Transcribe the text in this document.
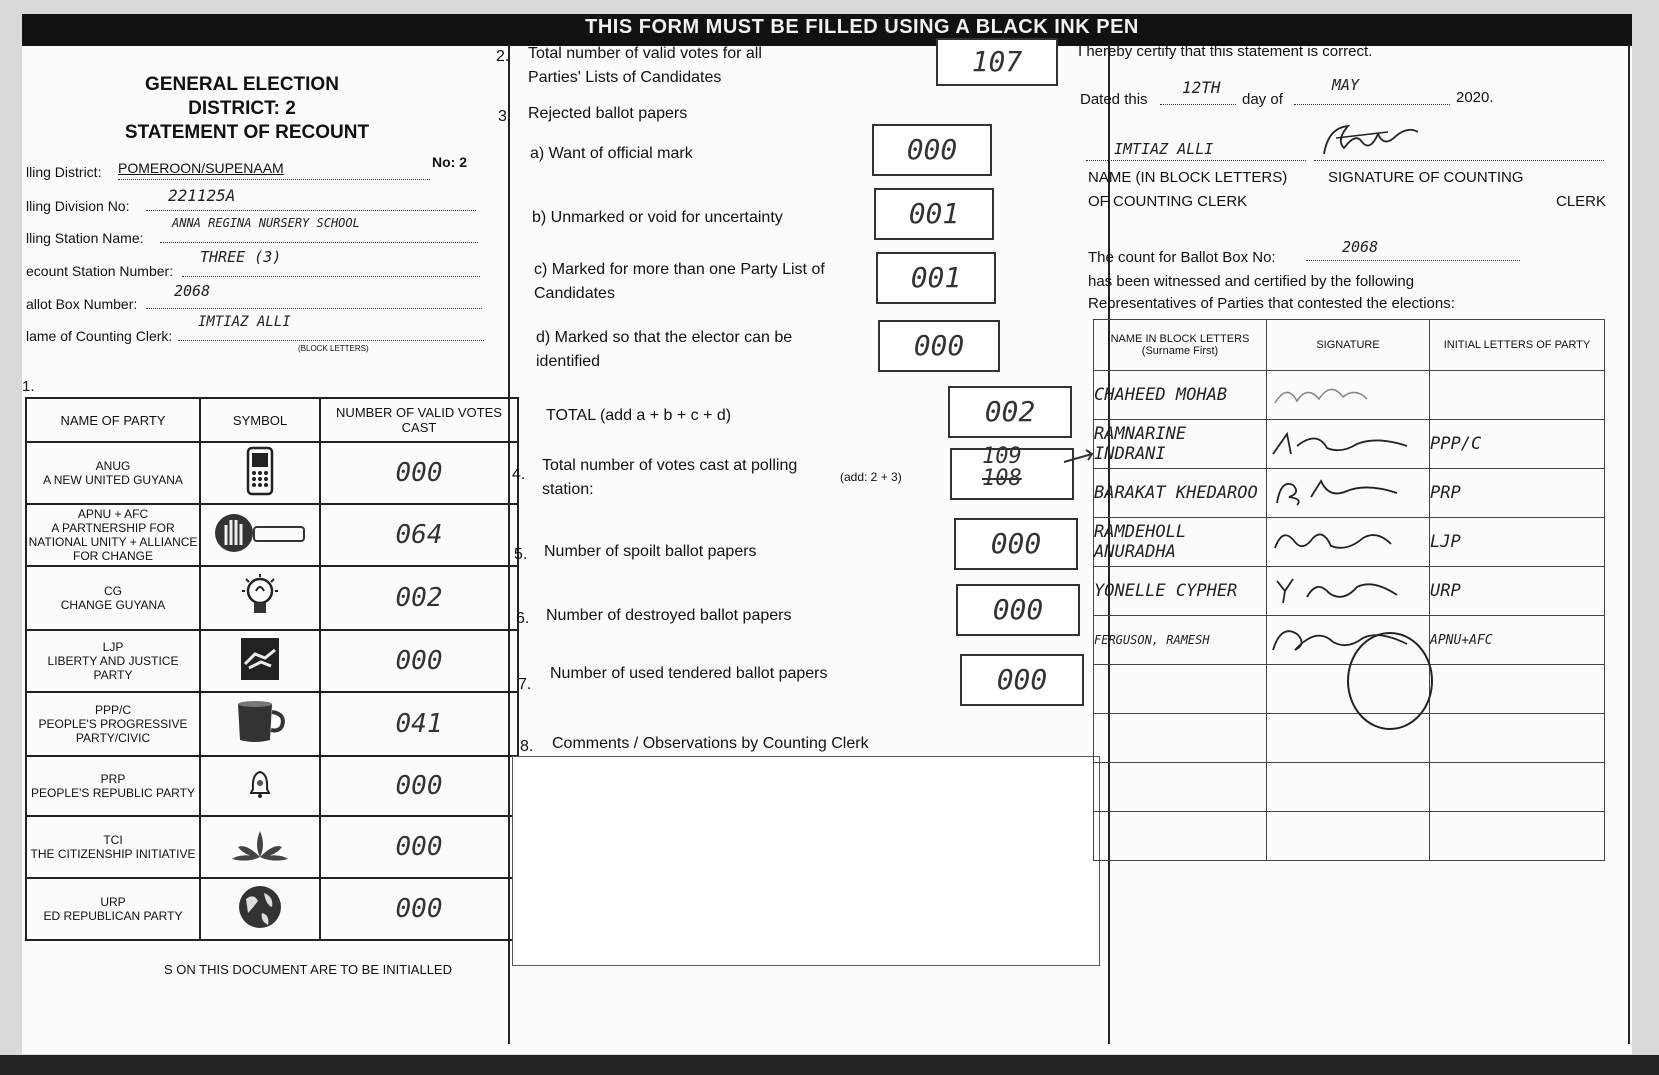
THIS FORM MUST BE FILLED USING A BLACK INK PEN
GENERAL ELECTION
DISTRICT: 2
STATEMENT OF RECOUNT
lling District: POMEROON/SUPENAAM	No: 2
lling Division No:
221125A
lling Station Name:
ANNA REGINA NURSERY SCHOOL
ecount Station Number:
THREE (3)
allot Box Number:
2068
lame of Counting Clerk:
IMTIAZ ALLI
(BLOCK LETTERS)
1.
NAME OF PARTY	SYMBOL	NUMBER OF VALID VOTES CAST

ANUG
A NEW UNITED GUYANA		000

APNU + AFC
A PARTNERSHIP FOR NATIONAL UNITY + ALLIANCE FOR CHANGE		064

CG
CHANGE GUYANA		002

LJP
LIBERTY AND JUSTICE PARTY		000

PPP/C
PEOPLE'S PROGRESSIVE PARTY/CIVIC		041

PRP
PEOPLE'S REPUBLIC PARTY		000

TCI
THE CITIZENSHIP INITIATIVE		000

URP
ED REPUBLICAN PARTY		000
S ON THIS DOCUMENT ARE TO BE INITIALLED
2. Total number of valid votes for all Parties' Lists of Candidates	107
3. Rejected ballot papers
a) Want of official mark	000
b) Unmarked or void for uncertainty	001
c) Marked for more than one Party List of Candidates	001
d) Marked so that the elector can be identified	000
TOTAL (add a + b + c + d)	002
4.
Total number of votes cast at polling station:
(add: 2 + 3)
109
108
5. Number of spoilt ballot papers	000
6. Number of destroyed ballot papers	000
7.
Number of used tendered ballot papers	000
8. Comments / Observations by Counting Clerk
I hereby certify that this statement is correct.
Dated this
12TH
day of
MAY
2020.
IMTIAZ ALLI
NAME (IN BLOCK LETTERS)
OF COUNTING CLERK
SIGNATURE OF COUNTING
CLERK
The count for Ballot Box No:
2068
has been witnessed and certified by the following
Representatives of Parties that contested the elections:
NAME IN BLOCK LETTERS (Surname First)	SIGNATURE	INITIAL LETTERS OF PARTY
CHAHEED MOHAB		
RAMNARINE INDRANI		PPP/C
BARAKAT KHEDAROO		PRP
RAMDEHOLL ANURADHA		LJP
YONELLE CYPHER		URP
FERGUSON, RAMESH		APNU+AFC
